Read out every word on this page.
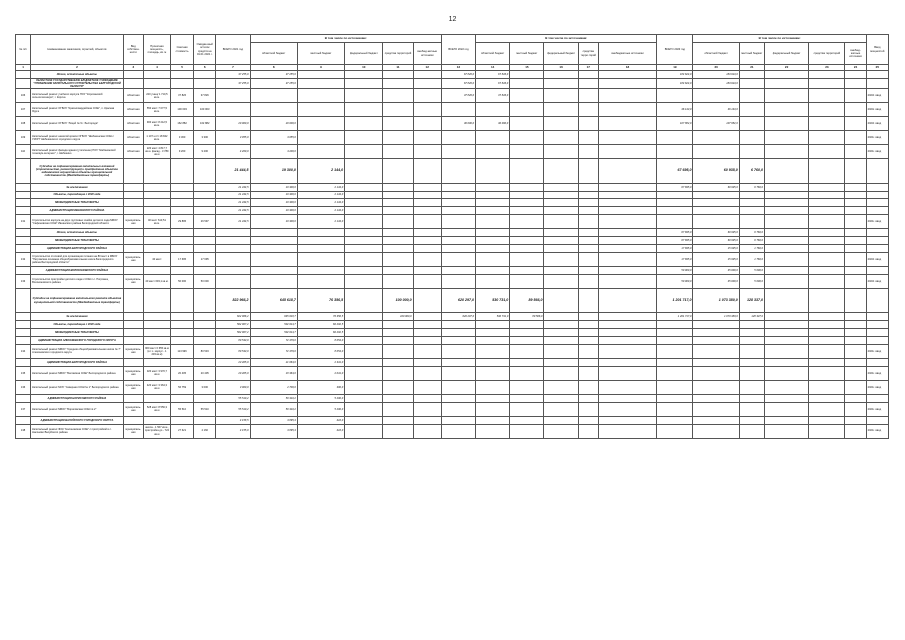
12
№ п/п	Наименование заказчиков, отраслей, объектов	Вид собствен-ности	Проектная мощность, площадь, кв. м	Сметная стоимость	Ожидае-мый остаток средств на 01.01 2021 г.	ВСЕГО 2021 год	В том числе по источникам:					ВСЕГО 2022 год	В том числе по источникам:					ВСЕГО 2023 год	В том числе по источникам:					Ввод мощностей
							областной бюджет	местный бюджет	федеральный бюджет	средства территорий	внебюд-жетные источники		областной бюджет	местный бюджет	федеральный бюджет	средства терри-торий	внебюджетные источники		областной бюджет	местный бюджет	федеральный бюджет	средства территорий	внебюд-жетные источники	
1	2	3	4	5	6	7	8	9	10	11	12	13	14	15	16	17	18	19	20	21	22	23	24	25
	Итого, остаточные объекты					37 255,0	37 255,0					67 826,0	67 826,0					184 624,0	184 624,0					
	ОБЛАСТНОЕ ГОСУДАРСТВЕННОЕ БЮДЖЕТНОЕ УЧРЕЖДЕНИЕ "УПРАВЛЕНИЕ КАПИТАЛЬНОГО СТРОИТЕЛЬСТВА БЕЛГОРОДСКОЙ ОБЛАСТИ"					37 255,0	37 255,0					67 826,0	67 826,0					184 624,0	184 624,0					
106	Капитальный ремонт учебного корпуса ПОУ "Корочанский сельхозтехникум", г. Короча	областная	220 учащ/ 1 710,5 кв.м.	37 826	37 826							37 826,0	37 826,0											2023г. ввод
107	Капитальный ремонт ОГБОУ "Красногвардейская СОШ", п. Красная Яруга	областная	550 мест 7 077,5 кв.м.	100 003	100 003													46 143,0	46 143,0					2024г. ввод
108	Капитальный ремонт ОГБОУ "Лицей № 9 г. Белгорода"	областная	900 мест 8 212,5 кв.м.	162 882	162 882	20 000,0	20 000,0					30 000,0	30 000,0					107 882,0	107 882,0					2023г. ввод
109	Капитальный ремонт нежилой кровли ОГБОУ "Шебекинская СОШ с УИОП" Шебекинского городского округа	областная	1 107 шт/т 18 842 кв.м.	3 300	3 300	3 055,0	3 055,0																	2021г. ввод
110	Капитальный ремонт фасада здания (утепление) ПОУ "Шебекинский техникум-интернат", г. Шебекино	областная	220 мест 4 817,7 кв.м. фасад - 3 789 кв.м	9 200	9 200	4 200,0	4 200,0																	2021г. ввод
	Субсидии на софинансирование капитальных вложений (строительство, реконструкция) и приобретение объектов недвижимого имущества в объекты муниципальной собственности (Межбюджетные трансферты)					21 444,5	19 300,0	2 144,0										67 695,0	60 935,0	6 760,0				
	За исключением					21 444,5	19 300,0	2 144,0										67 695,0	60 935,0	6 760,0				
	Объекты, переходящие с 2020 года					21 444,5	19 300,0	2 144,0																
	МЕЖБЮДЖЕТНЫЕ ТРАНСФЕРТЫ					21 444,5	19 300,0	2 144,0																
	АДМИНИСТРАЦИЯ ИВНЯНСКОГО РАЙОНА					21 444,5	19 300,0	2 144,0																
131	Строительство корпуса на двух групповых ячейки детского сада МБОУ "Сафоновская СОШ" Ивнянского района Белгородской области	муниципаль-ная	40 мест 613,51 кв.м.	29 895	26 597	21 444,5	19 300,0	2 144,0																2021г. ввод
	Итого, остаточные объекты																	67 695,0	60 935,0	6 760,0				
	МЕЖБЮДЖЕТНЫЕ ТРАНСФЕРТЫ																	67 695,0	60 935,0	6 760,0				
	АДМИНИСТРАЦИЯ БЕЛГОРОДСКОГО РАЙОНА																	17 695,0	15 935,0	1 760,0				
132	Строительство столовой для организации питания на 80 мест в МБОУ "Петровская основная общеобразовательная школа Белгородского района Белгородской области"	муниципаль-ная	40 мест	17 695	17 695													17 695,0	15 935,0	1 760,0				2023г. ввод
	АДМИНИСТРАЦИЯ ВОЛОКОНОВСКОГО РАЙОНА																	50 000,0	45 000,0	5 000,0				
133	Строительство пристройки детского сада к СОШ п.с. Погромец Волоконовского района	муниципаль-ная	40 мест 603,1 кв.м.	50 000	50 000													50 000,0	45 000,0	5 000,0				2023г. ввод
	Субсидии на софинансирование капитального ремонта объектов муниципальной собственности (Межбюджетные трансферты)					822 966,2	645 618,7	76 356,5		100 000,0		620 297,0	530 731,0	89 566,0				1 201 717,0	1 073 380,0	128 337,0				
	За исключением					822 966,2	645 618,7	76 356,5		100 000,0		620 297,0	530 731,0	89 566,0				1 201 717,0	1 073 380,0	128 337,0				
	Объекты, переходящие с 2020 года					562 907,2	502 614,7	60 292,5																
	МЕЖБЮДЖЕТНЫЕ ТРАНСФЕРТЫ					562 907,2	502 614,7	60 292,5																
	АДМИНИСТРАЦИЯ АЛЕКСЕЕВСКОГО ГОРОДСКОГО ОКРУГА					80 533,0	72 479,0	8 054,0																
134	Капитальный ремонт МБОУ "Средняя общеобразовательная школа № 7" Алексеевского городского округа	муниципаль-ная	960 мест 6 655 кв.м (в т.ч. корпус - 1 203 кв.м)	113 996	80 533	80 533,0	72 479,0	8 054,0																2021г. ввод
	АДМИНИСТРАЦИЯ БЕЛГОРОДСКОГО РАЙОНА					23 405,0	21 064,0	2 341,0																
135	Капитальный ремонт МБОУ "Беловская СОШ" Белгородского района	муниципаль-ная	320 мест 3 970,7 кв.м	20 405	20 405	20 405,0	18 364,0	2 041,0																2021г. ввод
136	Капитальный ремонт МОУ "Северная СОШ № 1" Белгородского района	муниципаль-ная	420 мест 3 364,3 кв.м	56 759	3 000	3 000,0	2 700,0	300,0																2021г. ввод
	АДМИНИСТРАЦИЯ БОРИСОВСКОГО РАЙОНА					55 510,2	50 310,2	5 200,0																
137	Капитальный ремонт МБОУ "Борисовская СОШ № 2"	муниципаль-ная	528 мест 8 556,3 кв.м	55 510	55 510	55 510,2	50 310,2	5 200,0																2021г. ввод
	АДМИНИСТРАЦИЯ ВАЛУЙСКОГО ГОРОДСКОГО ОКРУГА					4 158,5	3 895,4	416,0																
138	Капитальный ремонт ФОК "Насоновская СОШ" с пристройкой в с. Насоново Валуйского района	муниципаль-ная	школа - 1 567 кв.м., пристройка до - 724 кв.м	27 621	4 160	4 155,0	3 895,4	416,0																2021г. ввод
